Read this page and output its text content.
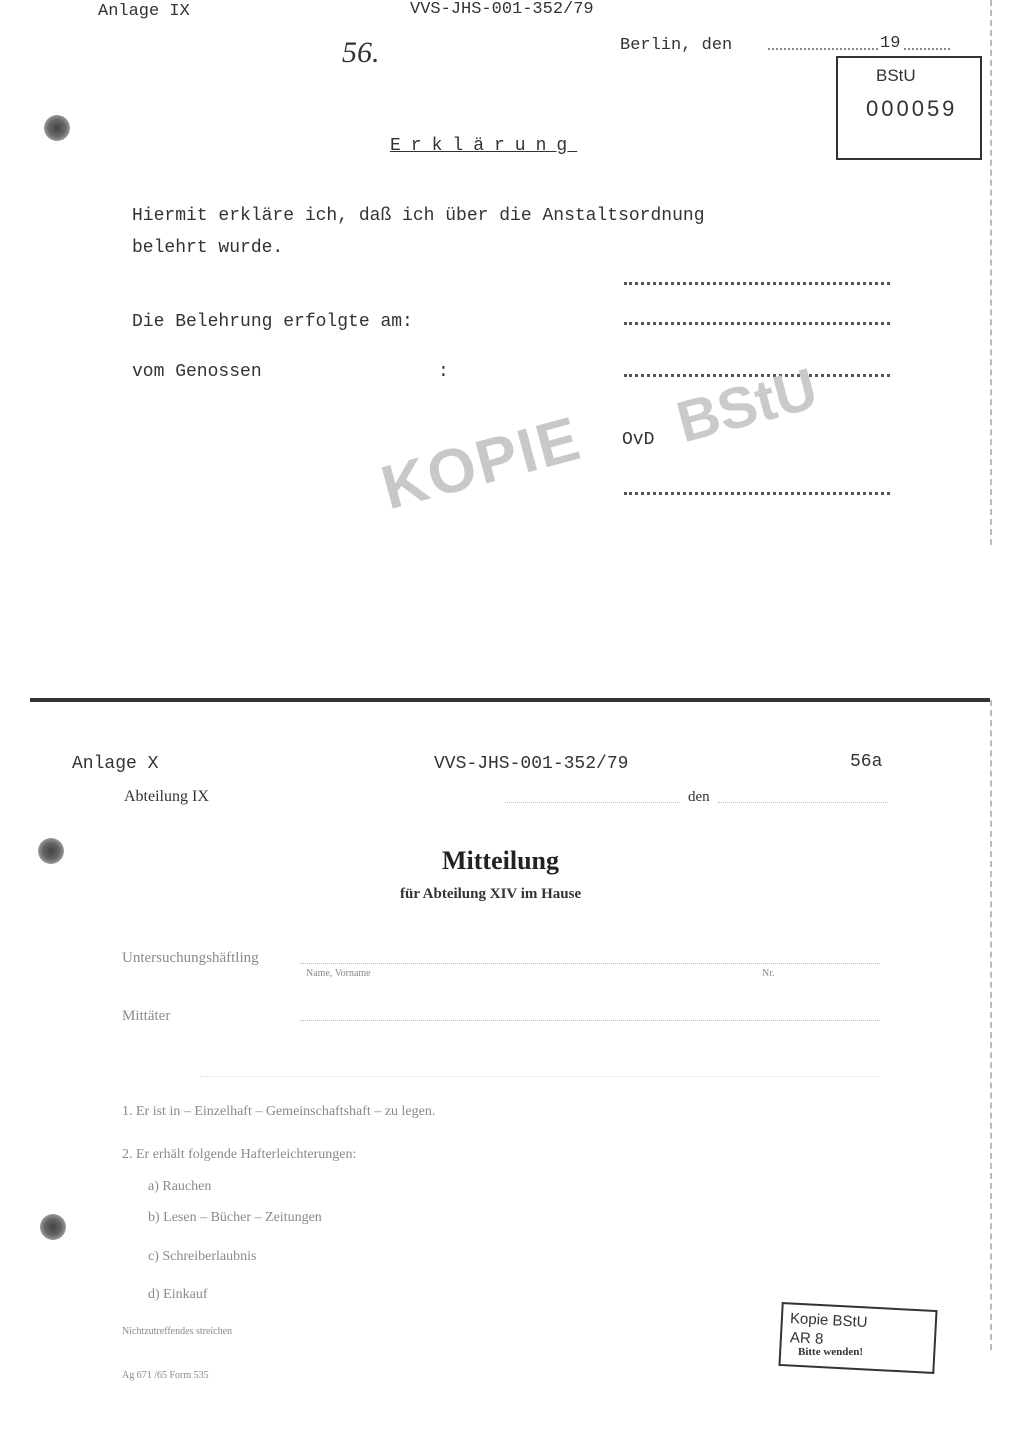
Anlage IX	VVS-JHS-001-352/79
56.	Berlin, den	19
BStU
000059
Erklärung
Hiermit erkläre ich, daß ich über die Anstaltsordnung
belehrt wurde.
Die Belehrung erfolgte am:
vom Genossen	:
KOPIE BStU
OvD
Anlage X	VVS-JHS-001-352/79	56a
Abteilung IX	den
Mitteilung
für Abteilung XIV im Hause
Untersuchungshäftling
Name, Vorname	Nr.
Mittäter
1. Er ist in – Einzelhaft – Gemeinschaftshaft – zu legen.
2. Er erhält folgende Hafterleichterungen:
a) Rauchen
b) Lesen – Bücher – Zeitungen
c) Schreiberlaubnis
d) Einkauf
Nichtzutreffendes streichen
Ag 671 /65 Form 535
Kopie BStU
AR 8
Bitte wenden!
